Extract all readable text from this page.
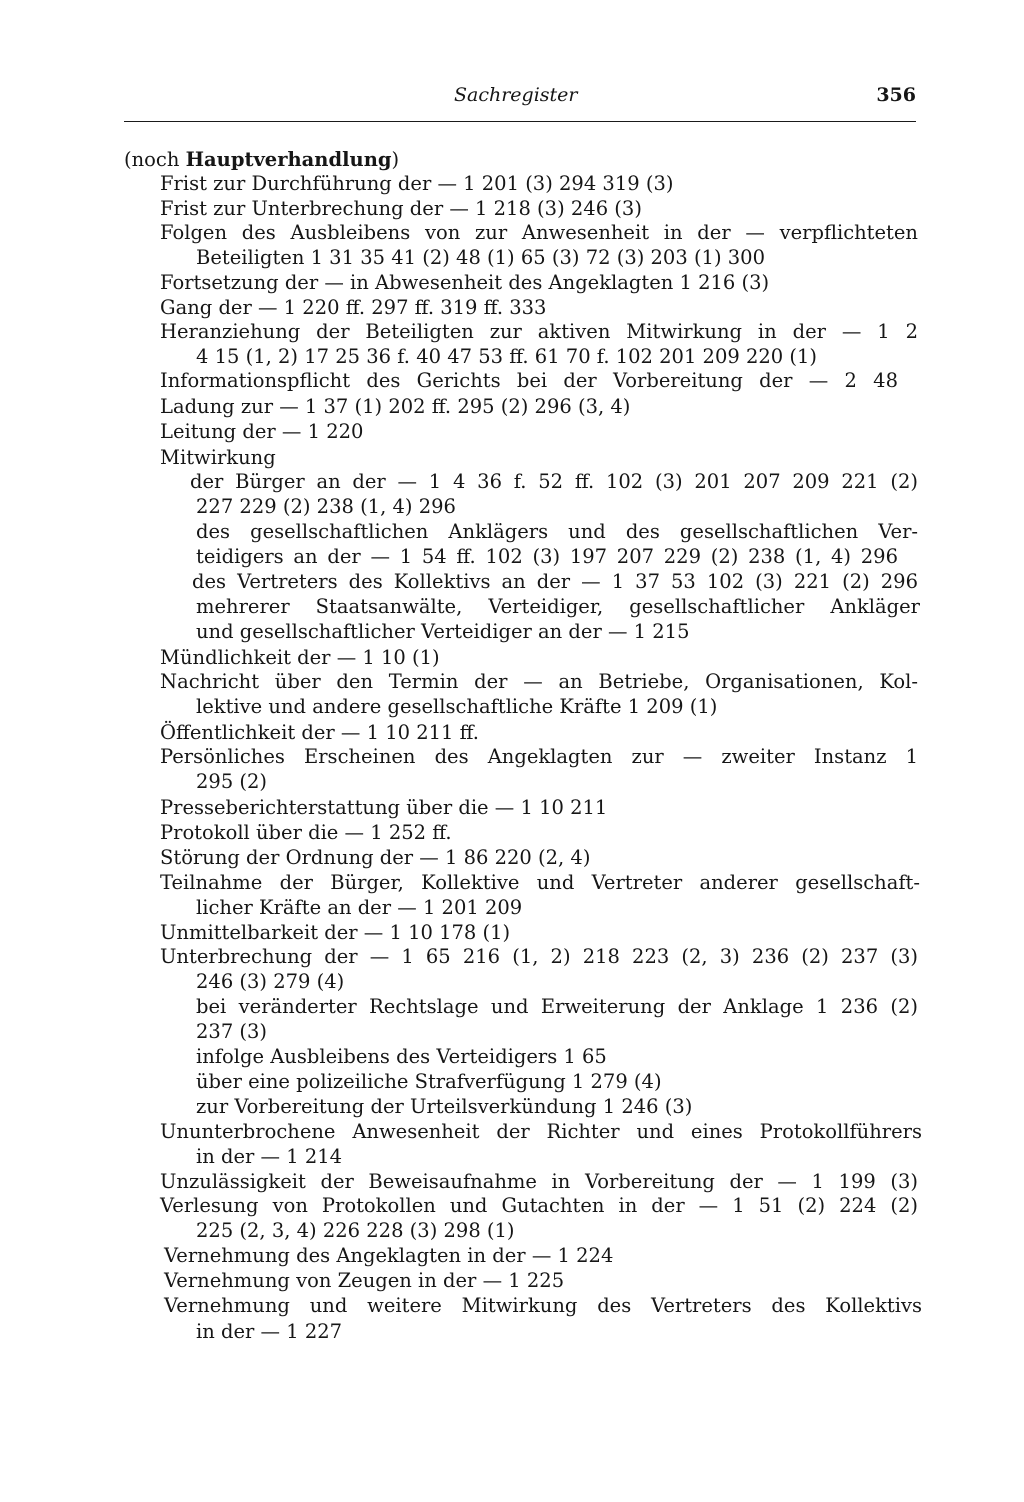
Sachregister	356
(noch Hauptverhandlung)
Frist zur Durchführung der — 1 201 (3) 294 319 (3)
Frist zur Unterbrechung der — 1 218 (3) 246 (3)
Folgen des Ausbleibens von zur Anwesenheit in der — verpflichteten
Beteiligten 1 31 35 41 (2) 48 (1) 65 (3) 72 (3) 203 (1) 300
Fortsetzung der — in Abwesenheit des Angeklagten 1 216 (3)
Gang der — 1 220 ff. 297 ff. 319 ff. 333
Heranziehung der Beteiligten zur aktiven Mitwirkung in der — 1 2
4 15 (1, 2) 17 25 36 f. 40 47 53 ff. 61 70 f. 102 201 209 220 (1)
Informationspflicht des Gerichts bei der Vorbereitung der — 2 48
Ladung zur — 1 37 (1) 202 ff. 295 (2) 296 (3, 4)
Leitung der — 1 220
Mitwirkung
der Bürger an der — 1 4 36 f. 52 ff. 102 (3) 201 207 209 221 (2)
227 229 (2) 238 (1, 4) 296
des gesellschaftlichen Anklägers und des gesellschaftlichen Ver-
teidigers an der — 1 54 ff. 102 (3) 197 207 229 (2) 238 (1, 4) 296
des Vertreters des Kollektivs an der — 1 37 53 102 (3) 221 (2) 296
mehrerer Staatsanwälte, Verteidiger, gesellschaftlicher Ankläger
und gesellschaftlicher Verteidiger an der — 1 215
Mündlichkeit der — 1 10 (1)
Nachricht über den Termin der — an Betriebe, Organisationen, Kol-
lektive und andere gesellschaftliche Kräfte 1 209 (1)
Öffentlichkeit der — 1 10 211 ff.
Persönliches Erscheinen des Angeklagten zur — zweiter Instanz 1
295 (2)
Presseberichterstattung über die — 1 10 211
Protokoll über die — 1 252 ff.
Störung der Ordnung der — 1 86 220 (2, 4)
Teilnahme der Bürger, Kollektive und Vertreter anderer gesellschaft-
licher Kräfte an der — 1 201 209
Unmittelbarkeit der — 1 10 178 (1)
Unterbrechung der — 1 65 216 (1, 2) 218 223 (2, 3) 236 (2) 237 (3)
246 (3) 279 (4)
bei veränderter Rechtslage und Erweiterung der Anklage 1 236 (2)
237 (3)
infolge Ausbleibens des Verteidigers 1 65
über eine polizeiliche Strafverfügung 1 279 (4)
zur Vorbereitung der Urteilsverkündung 1 246 (3)
Ununterbrochene Anwesenheit der Richter und eines Protokollführers
in der — 1 214
Unzulässigkeit der Beweisaufnahme in Vorbereitung der — 1 199 (3)
Verlesung von Protokollen und Gutachten in der — 1 51 (2) 224 (2)
225 (2, 3, 4) 226 228 (3) 298 (1)
Vernehmung des Angeklagten in der — 1 224
Vernehmung von Zeugen in der — 1 225
Vernehmung und weitere Mitwirkung des Vertreters des Kollektivs
in der — 1 227
